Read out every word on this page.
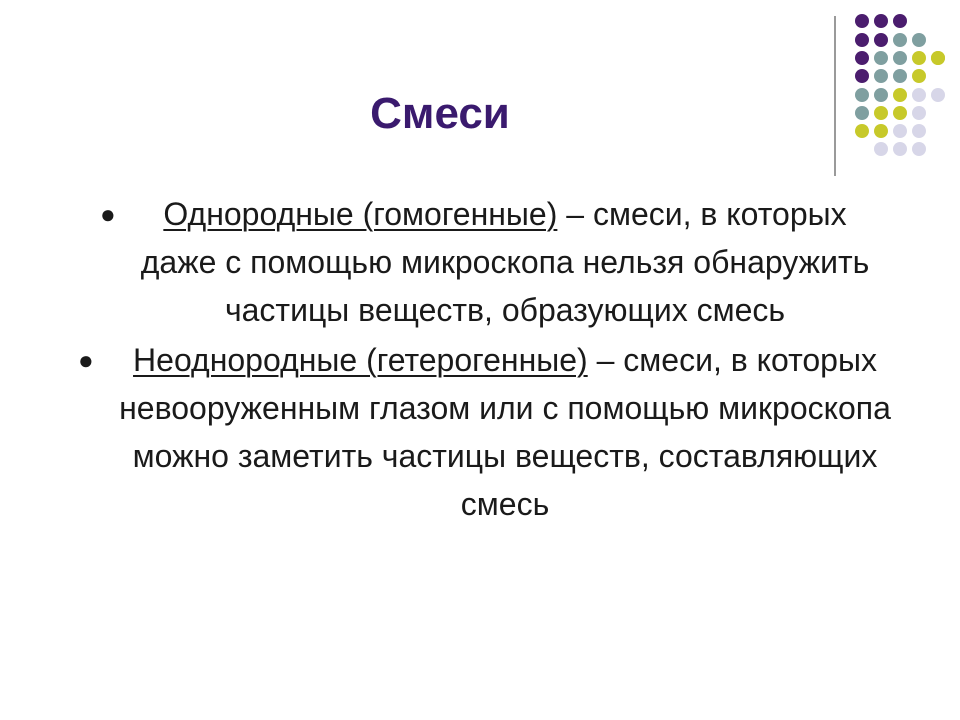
Смеси
● Однородные (гомогенные) – смеси, в которых даже с помощью микроскопа нельзя обнаружить частицы веществ, образующих смесь
● Неоднородные (гетерогенные) – смеси, в которых невооруженным глазом или с помощью микроскопа можно заметить частицы веществ, составляющих смесь
